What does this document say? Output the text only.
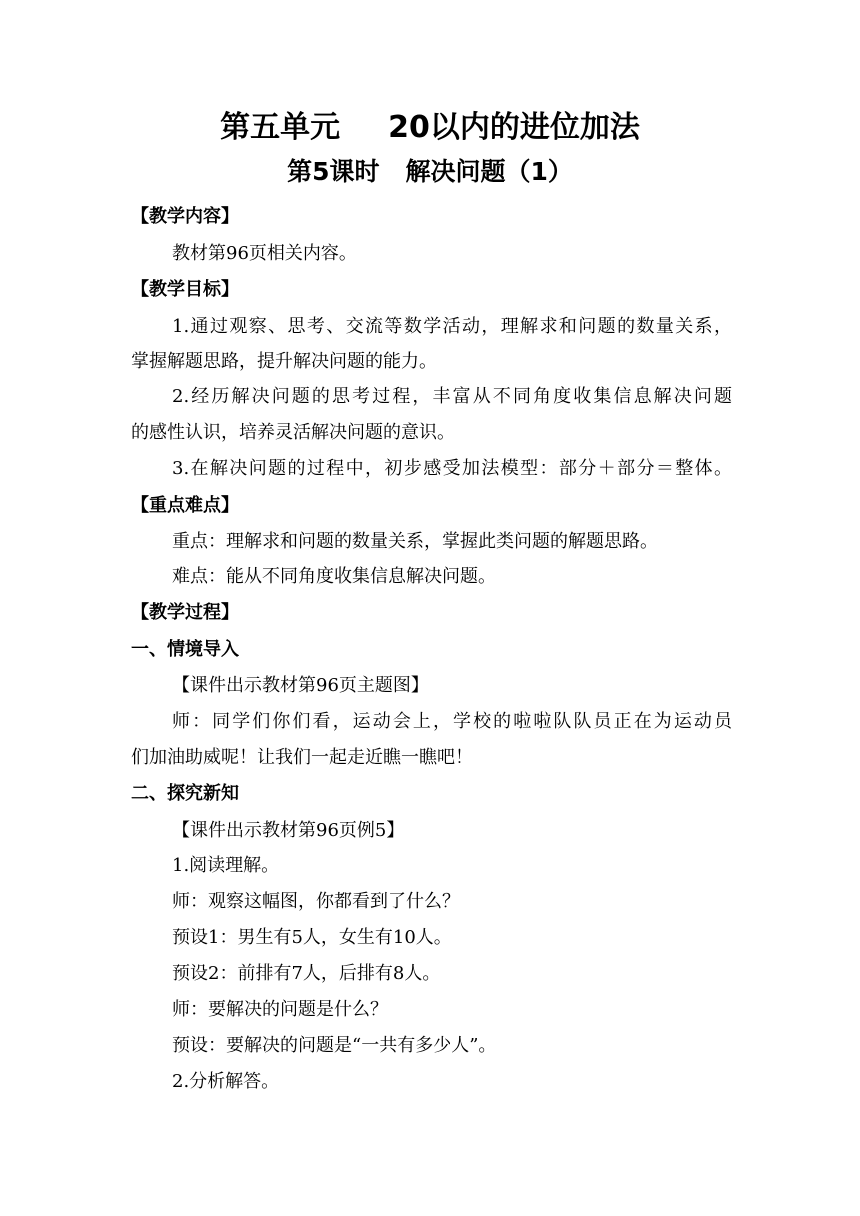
第五单元 20以内的进位加法
第5课时 解决问题（1）
【教学内容】
教材第96页相关内容。
【教学目标】
1.通过观察、思考、交流等数学活动，理解求和问题的数量关系，
掌握解题思路，提升解决问题的能力。
2.经历解决问题的思考过程，丰富从不同角度收集信息解决问题
的感性认识，培养灵活解决问题的意识。
3.在解决问题的过程中，初步感受加法模型：部分＋部分＝整体。
【重点难点】
重点：理解求和问题的数量关系，掌握此类问题的解题思路。
难点：能从不同角度收集信息解决问题。
【教学过程】
一、情境导入
【课件出示教材第96页主题图】
师：同学们你们看，运动会上，学校的啦啦队队员正在为运动员
们加油助威呢！让我们一起走近瞧一瞧吧！
二、探究新知
【课件出示教材第96页例5】
1.阅读理解。
师：观察这幅图，你都看到了什么？
预设1：男生有5人，女生有10人。
预设2：前排有7人，后排有8人。
师：要解决的问题是什么？
预设：要解决的问题是“一共有多少人”。
2.分析解答。
